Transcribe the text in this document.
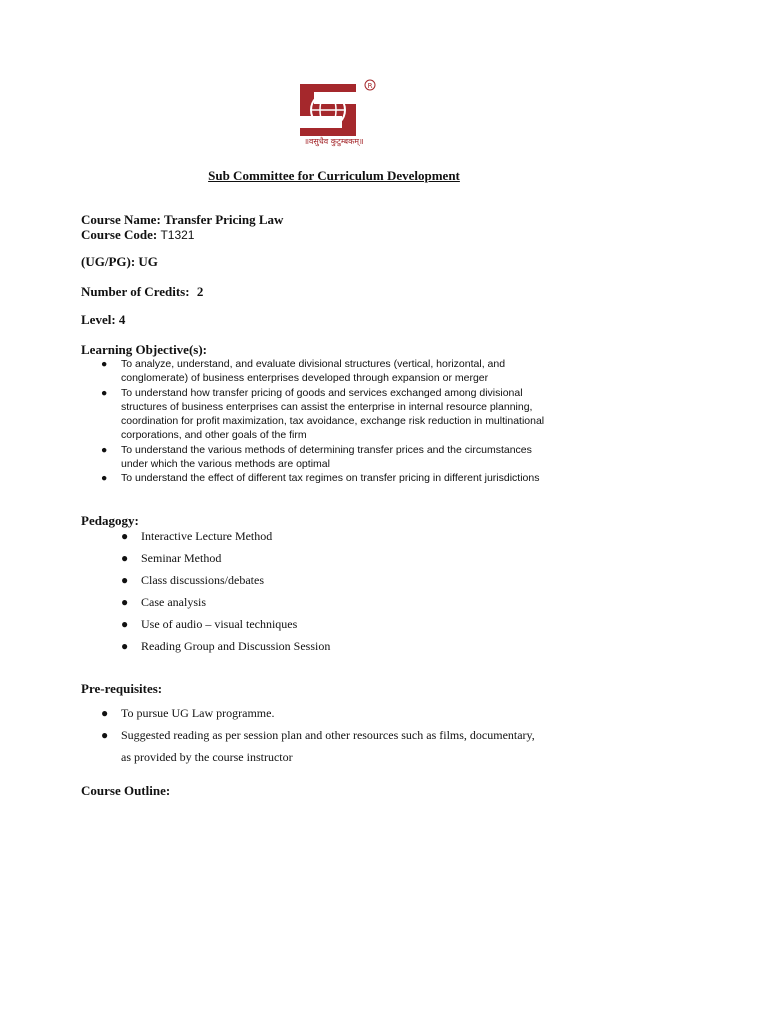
R
॥वसुधैव कुटुम्बकम्॥
Sub Committee for Curriculum Development
Course Name: Transfer Pricing Law
Course Code: T1321
(UG/PG): UG
Number of Credits: 2
Level: 4
Learning Objective(s):
● To analyze, understand, and evaluate divisional structures (vertical, horizontal, and
conglomerate) of business enterprises developed through expansion or merger
● To understand how transfer pricing of goods and services exchanged among divisional
structures of business enterprises can assist the enterprise in internal resource planning,
coordination for profit maximization, tax avoidance, exchange risk reduction in multinational
corporations, and other goals of the firm
● To understand the various methods of determining transfer prices and the circumstances
under which the various methods are optimal
● To understand the effect of different tax regimes on transfer pricing in different jurisdictions
Pedagogy:
● Interactive Lecture Method
● Seminar Method
● Class discussions/debates
● Case analysis
● Use of audio – visual techniques
● Reading Group and Discussion Session
Pre-requisites:
● To pursue UG Law programme.
● Suggested reading as per session plan and other resources such as films, documentary,
as provided by the course instructor
Course Outline:
